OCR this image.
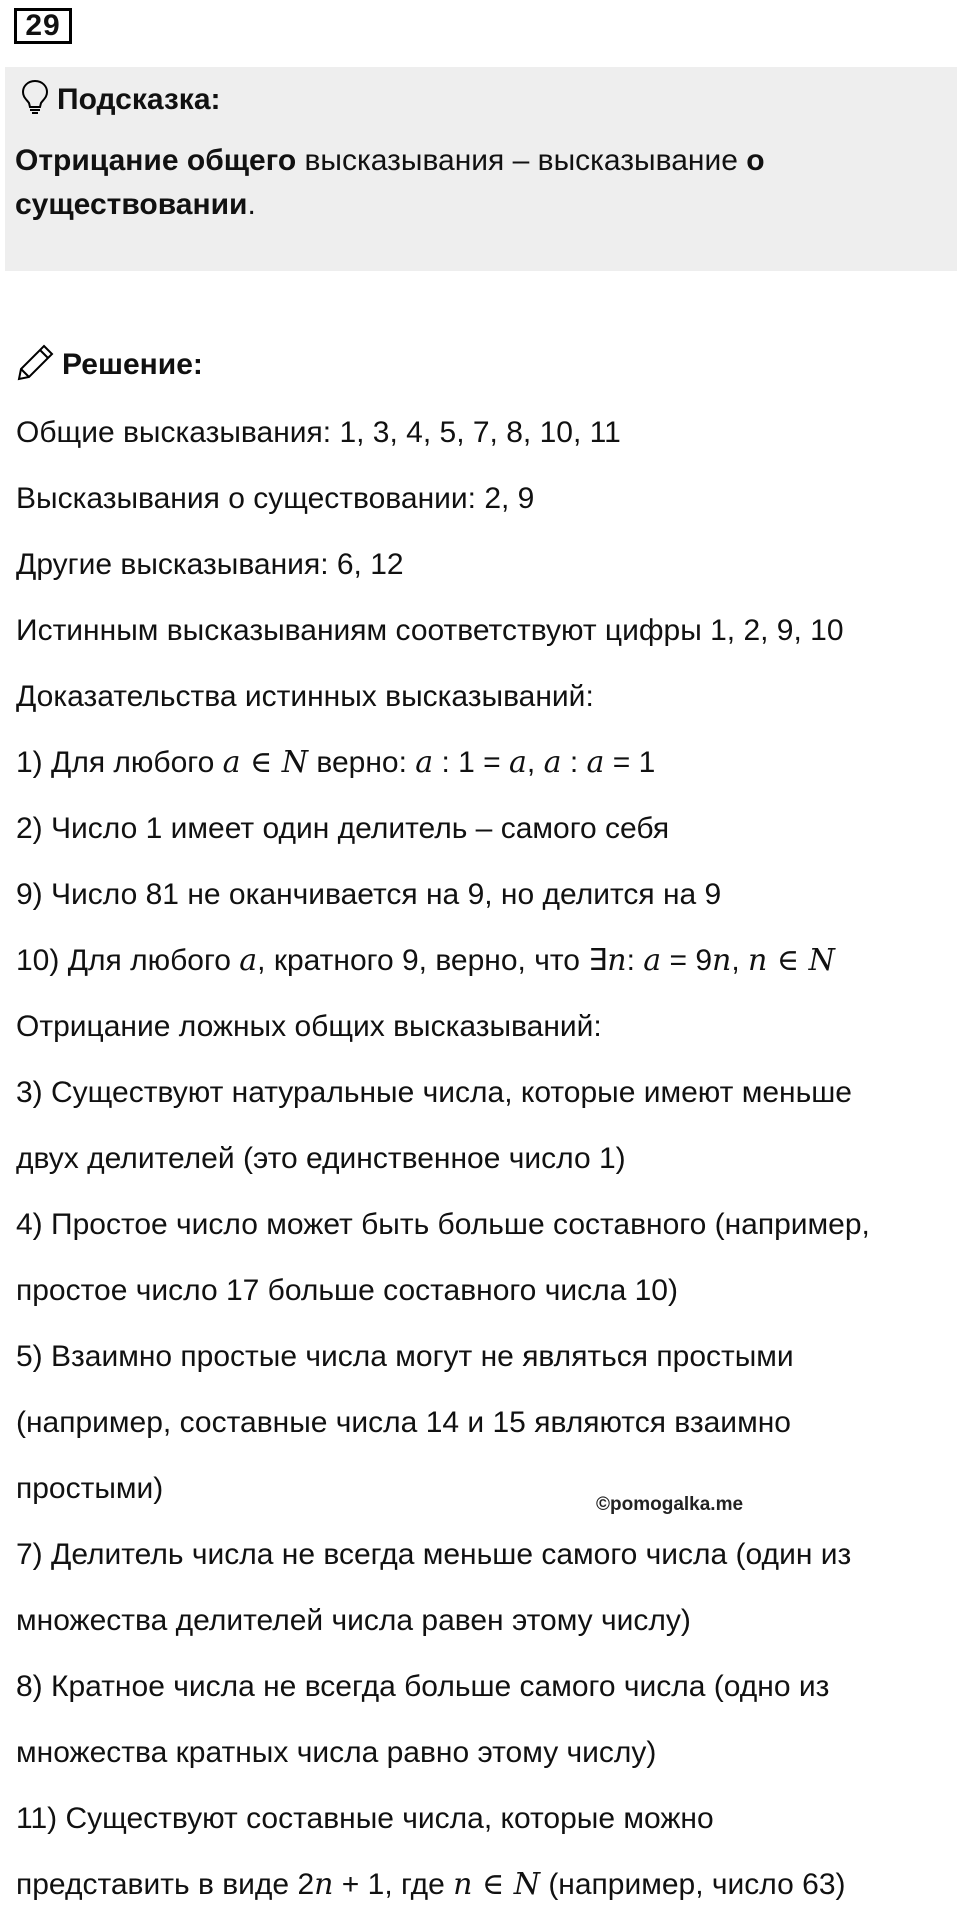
29
Подсказка:
Отрицание общего высказывания – высказывание о существовании.
Решение:
Общие высказывания: 1, 3, 4, 5, 7, 8, 10, 11
Высказывания о существовании: 2, 9
Другие высказывания: 6, 12
Истинным высказываниям соответствуют цифры 1, 2, 9, 10
Доказательства истинных высказываний:
1) Для любого a ∈ N верно: a : 1 = a, a : a = 1
2) Число 1 имеет один делитель – самого себя
9) Число 81 не оканчивается на 9, но делится на 9
10) Для любого a, кратного 9, верно, что ∃n: a = 9n, n ∈ N
Отрицание ложных общих высказываний:
3) Существуют натуральные числа, которые имеют меньше
двух делителей (это единственное число 1)
4) Простое число может быть больше составного (например,
простое число 17 больше составного числа 10)
5) Взаимно простые числа могут не являться простыми
(например, составные числа 14 и 15 являются взаимно
простыми)
7) Делитель числа не всегда меньше самого числа (один из
множества делителей числа равен этому числу)
8) Кратное числа не всегда больше самого числа (одно из
множества кратных числа равно этому числу)
11) Существуют составные числа, которые можно
представить в виде 2n + 1, где n ∈ N (например, число 63)
©pomogalka.me
